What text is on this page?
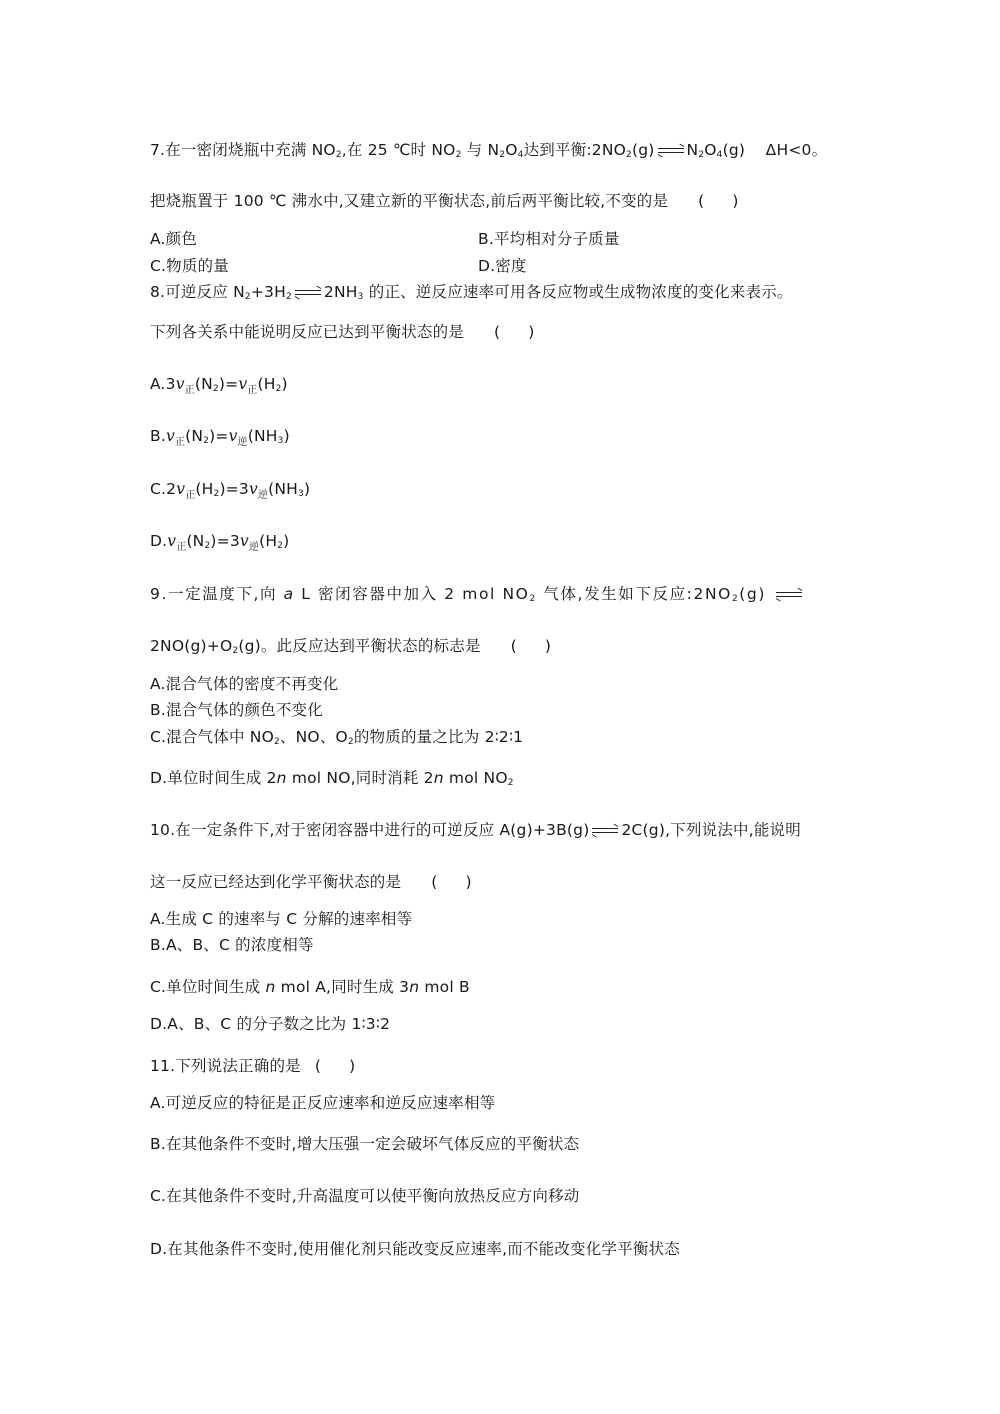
7.在一密闭烧瓶中充满 $NO_2$,在 25 ℃时 $NO_2$ 与 $N_2O_4$达到平衡$:2NO_2(g)$ $N_2O_4(g)$ ΔH<0。
把烧瓶置于 100 ℃ 沸水中,又建立新的平衡状态,前后两平衡比较,不变的是 ( )
A.颜色	B.平均相对分子质量
C.物质的量	D.密度
8.可逆反应 $N_2+3H_2$ $2NH_3$ 的正、逆反应速率可用各反应物或生成物浓度的变化来表示。
下列各关系中能说明反应已达到平衡状态的是 ( )
$A.3v_正(N_2)=v_正(H_2)$
$B.v_正(N_2)=v_逆(NH_3)$
$C.2v_正(H_2)=3v_逆(NH_3)$
$D.v_正(N_2)=3v_逆(H_2)$
9.一定温度下,向 a L 密闭容器中加入 2 mol $NO_2$ 气体,发生如下反应$:2NO_2(g)$
$2NO(g)+O_2(g)$。此反应达到平衡状态的标志是 ( )
A.混合气体的密度不再变化
B.混合气体的颜色不变化
C.混合气体中 $NO_2$、NO、$O_2$的物质的量之比为 2∶2∶1
D.单位时间生成 2n mol NO,同时消耗 2n mol $NO_2$
10.在一定条件下,对于密闭容器中进行的可逆反应 A(g)+3B(g) 2C(g),下列说法中,能说明
这一反应已经达到化学平衡状态的是 ( )
A.生成 C 的速率与 C 分解的速率相等
B.A、B、C 的浓度相等
C.单位时间生成 n mol A,同时生成 3n mol B
D.A、B、C 的分子数之比为 1∶3∶2
11.下列说法正确的是 ( )
A.可逆反应的特征是正反应速率和逆反应速率相等
B.在其他条件不变时,增大压强一定会破坏气体反应的平衡状态
C.在其他条件不变时,升高温度可以使平衡向放热反应方向移动
D.在其他条件不变时,使用催化剂只能改变反应速率,而不能改变化学平衡状态
